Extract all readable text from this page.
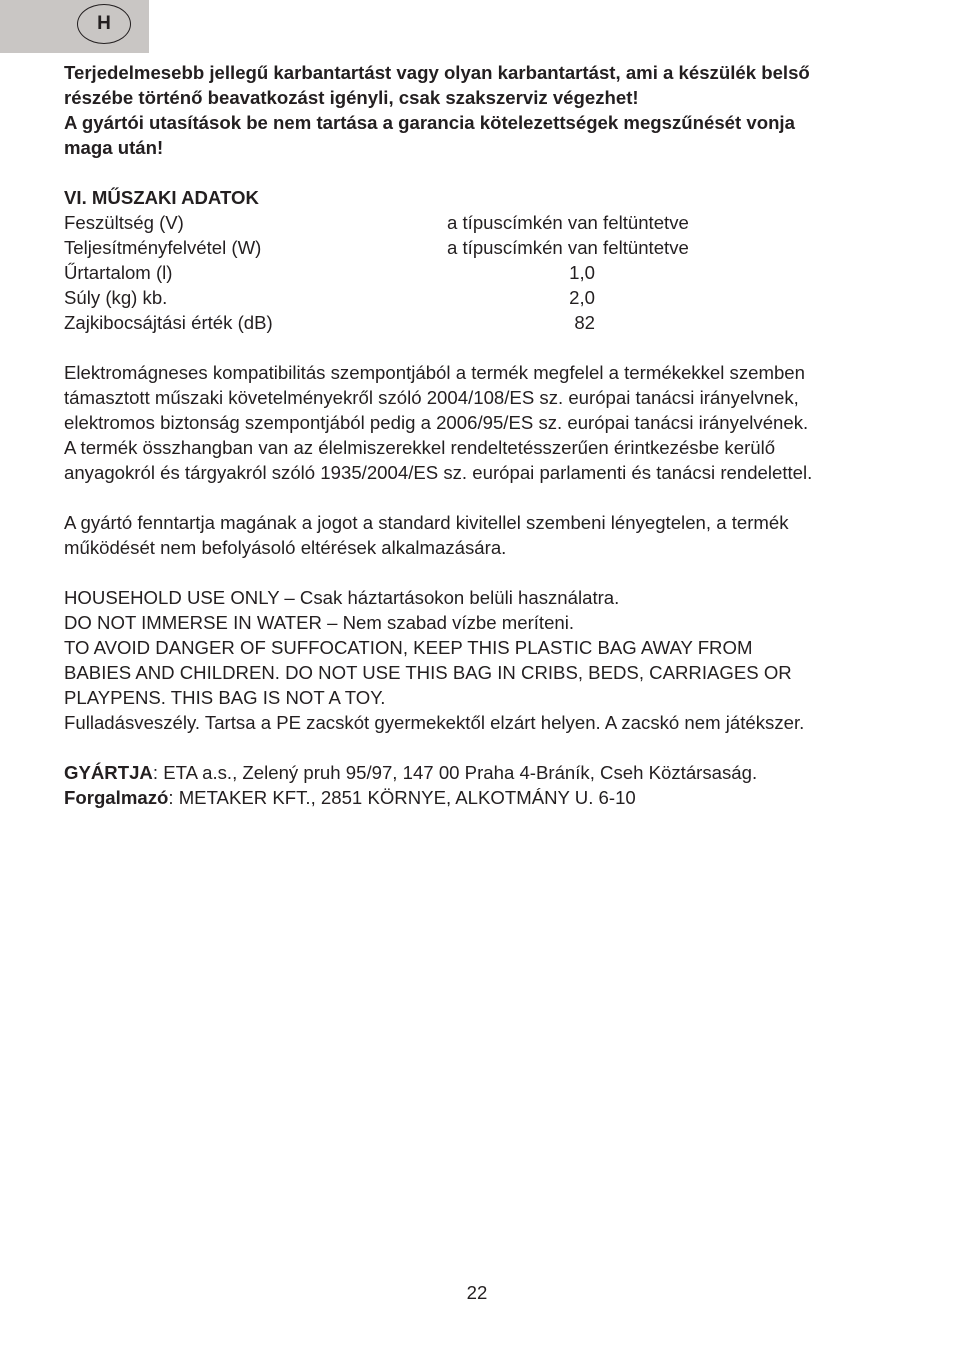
H
Terjedelmesebb jellegű karbantartást vagy olyan karbantartást, ami a készülék belső
részébe történő beavatkozást igényli, csak szakszerviz végezhet!
A gyártói utasítások be nem tartása a garancia kötelezettségek megszűnését vonja
maga után!
VI. MŰSZAKI ADATOK
Feszültség (V)	a típuscímkén van feltüntetve
Teljesítményfelvétel (W)	a típuscímkén van feltüntetve
Űrtartalom (l)	1,0
Súly (kg) kb.	2,0
Zajkibocsájtási érték (dB)	82
Elektromágneses kompatibilitás szempontjából a termék megfelel a termékekkel szemben
támasztott műszaki követelményekről szóló 2004/108/ES sz. európai tanácsi irányelvnek,
elektromos biztonság szempontjából pedig a 2006/95/ES sz. európai tanácsi irányelvének.
A termék összhangban van az élelmiszerekkel rendeltetésszerűen érintkezésbe kerülő
anyagokról és tárgyakról szóló 1935/2004/ES sz. európai parlamenti és tanácsi rendelettel.
A gyártó fenntartja magának a jogot a standard kivitellel szembeni lényegtelen, a termék
működését nem befolyásoló eltérések alkalmazására.
HOUSEHOLD USE ONLY – Csak háztartásokon belüli használatra.
DO NOT IMMERSE IN WATER – Nem szabad vízbe meríteni.
TO AVOID DANGER OF SUFFOCATION, KEEP THIS PLASTIC BAG AWAY FROM
BABIES AND CHILDREN. DO NOT USE THIS BAG IN CRIBS, BEDS, CARRIAGES OR
PLAYPENS. THIS BAG IS NOT A TOY.
Fulladásveszély. Tartsa a PE zacskót gyermekektől elzárt helyen. A zacskó nem játékszer.
GYÁRTJA: ETA a.s., Zelený pruh 95/97, 147 00 Praha 4-Bráník, Cseh Köztársaság.
Forgalmazó: METAKER KFT., 2851 KÖRNYE, ALKOTMÁNY U. 6-10
22
